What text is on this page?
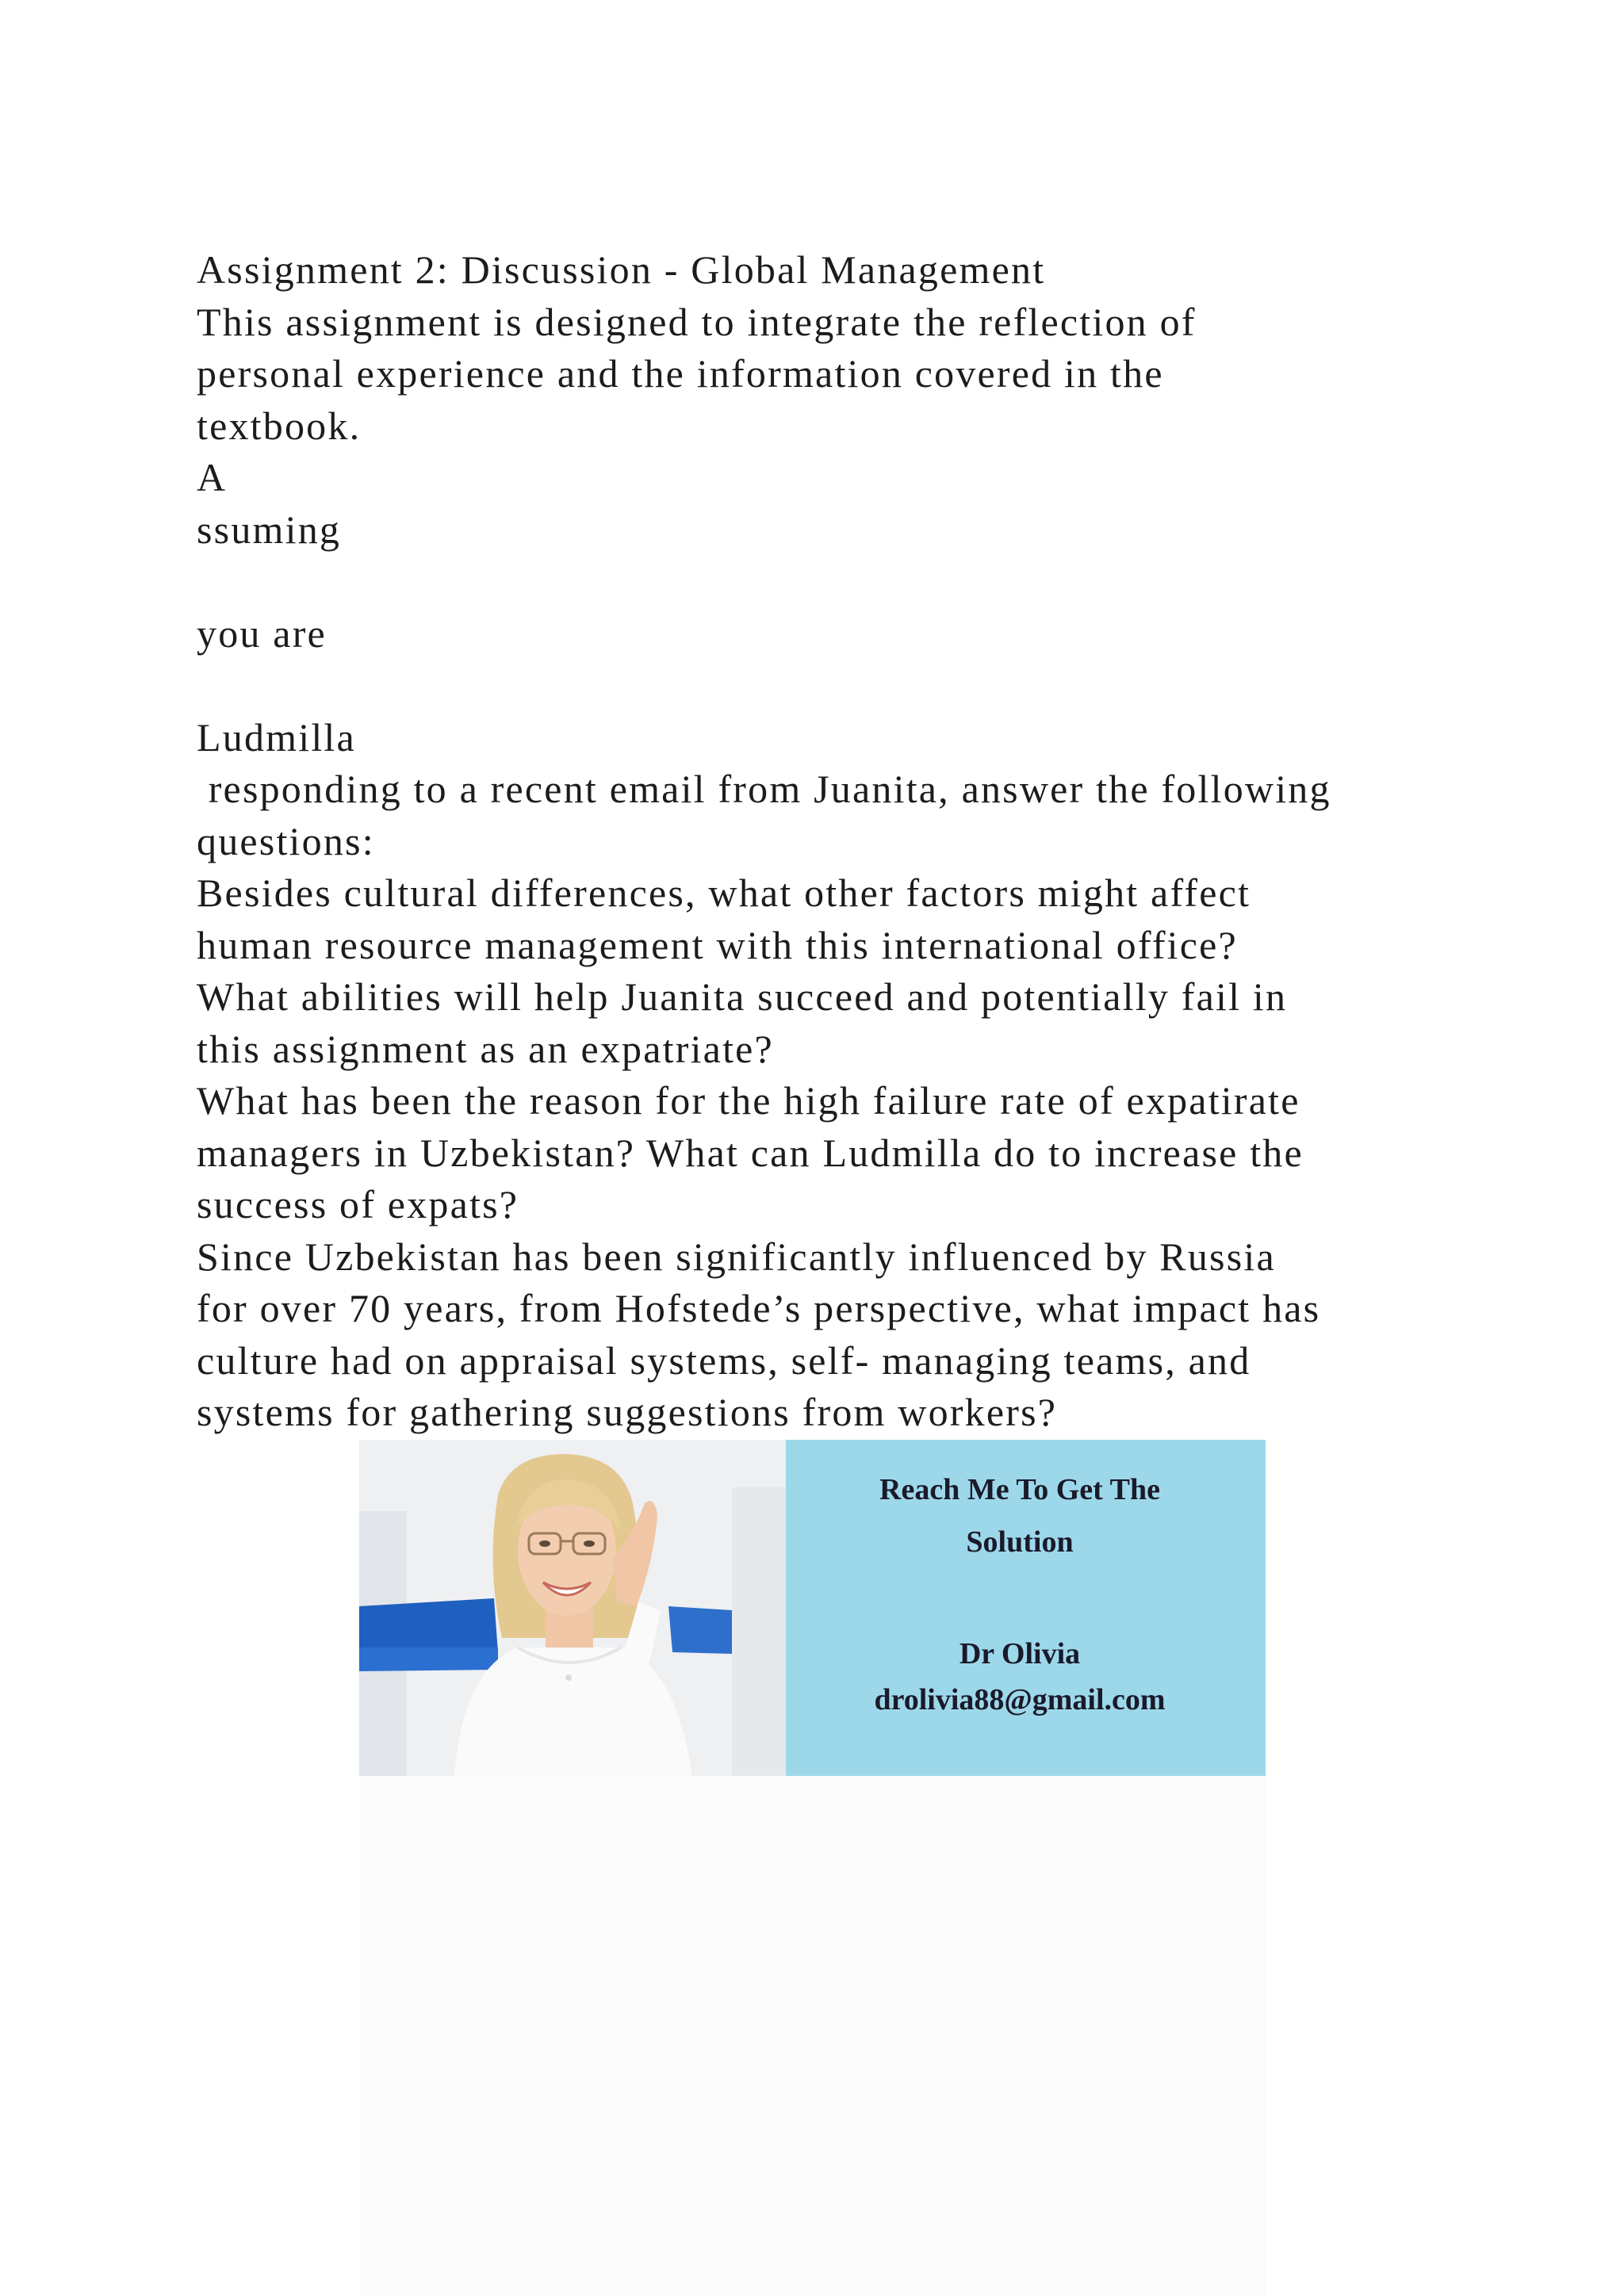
Assignment 2: Discussion - Global Management
This assignment is designed to integrate the reflection of
personal experience and the information covered in the
textbook.
A
ssuming
you are
Ludmilla
responding to a recent email from Juanita, answer the following
questions:
Besides cultural differences, what other factors might affect
human resource management with this international office?
What abilities will help Juanita succeed and potentially fail in
this assignment as an expatriate?
What has been the reason for the high failure rate of expatirate
managers in Uzbekistan? What can Ludmilla do to increase the
success of expats?
Since Uzbekistan has been significantly influenced by Russia
for over 70 years, from Hofstede’s perspective, what impact has
culture had on appraisal systems, self- managing teams, and
systems for gathering suggestions from workers?
Reach Me To Get The
Solution
Dr Olivia
drolivia88@gmail.com
